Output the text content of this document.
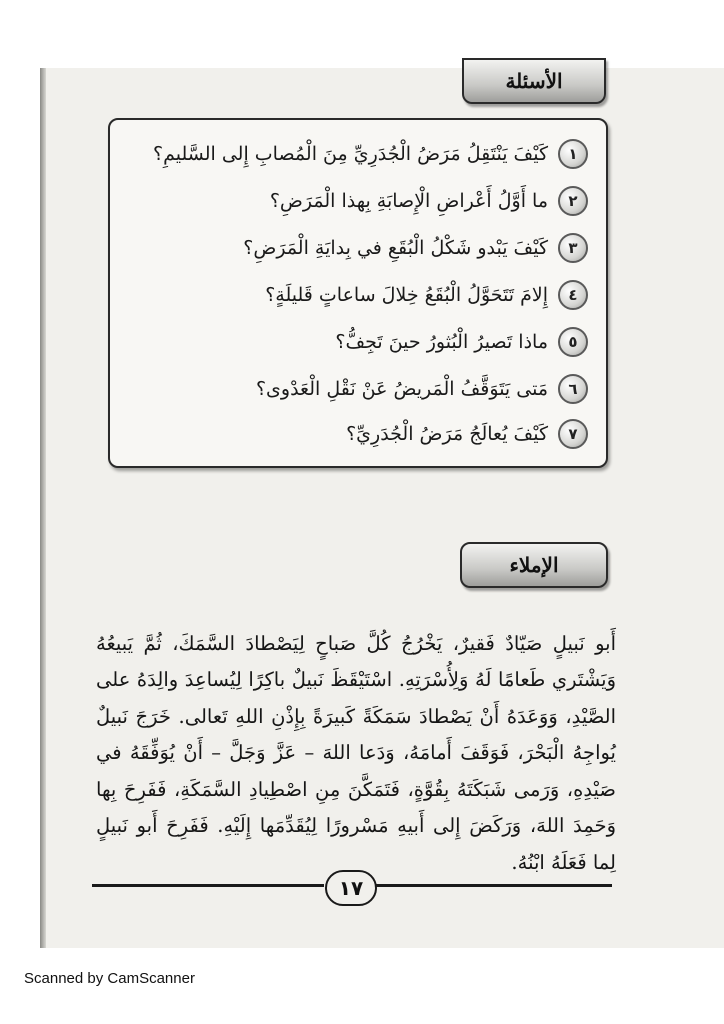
الأسئلة
١
كَيْفَ يَنْتَقِلُ مَرَضُ الْجُدَرِيِّ مِنَ الْمُصابِ إِلى السَّليمِ؟
٢
ما أَوَّلُ أَعْراضِ الْإِصابَةِ بِهذا الْمَرَضِ؟
٣
كَيْفَ يَبْدو شَكْلُ الْبُقَعِ في بِدايَةِ الْمَرَضِ؟
٤
إِلامَ تَتَحَوَّلُ الْبُقَعُ خِلالَ ساعاتٍ قَليلَةٍ؟
٥
ماذا تَصيرُ الْبُثورُ حينَ تَجِفُّ؟
٦
مَتى يَتَوَقَّفُ الْمَريضُ عَنْ نَقْلِ الْعَدْوى؟
٧
كَيْفَ يُعالَجُ مَرَضُ الْجُدَرِيِّ؟
الإملاء

أَبو نَبيلٍ صَيّادٌ فَقيرٌ، يَخْرُجُ كُلَّ صَباحٍ لِيَصْطادَ السَّمَكَ، ثُمَّ يَبيعُهُ وَيَشْتَري طَعامًا لَهُ وَلِأُسْرَتِهِ. اسْتَيْقَظَ نَبيلٌ باكِرًا لِيُساعِدَ والِدَهُ على الصَّيْدِ، وَوَعَدَهُ أَنْ يَصْطادَ سَمَكَةً كَبيرَةً بِإِذْنِ اللهِ تَعالى. خَرَجَ نَبيلٌ يُواجِهُ الْبَحْرَ، فَوَقَفَ أَمامَهُ، وَدَعا اللهَ – عَزَّ وَجَلَّ – أَنْ يُوَفِّقَهُ في صَيْدِهِ، وَرَمى شَبَكَتَهُ بِقُوَّةٍ، فَتَمَكَّنَ مِنِ اصْطِيادِ السَّمَكَةِ، فَفَرِحَ بِها وَحَمِدَ اللهَ، وَرَكَضَ إِلى أَبيهِ مَسْرورًا لِيُقَدِّمَها إِلَيْهِ. فَفَرِحَ أَبو نَبيلٍ لِما فَعَلَهُ ابْنُهُ.

١٧
Scanned by CamScanner
